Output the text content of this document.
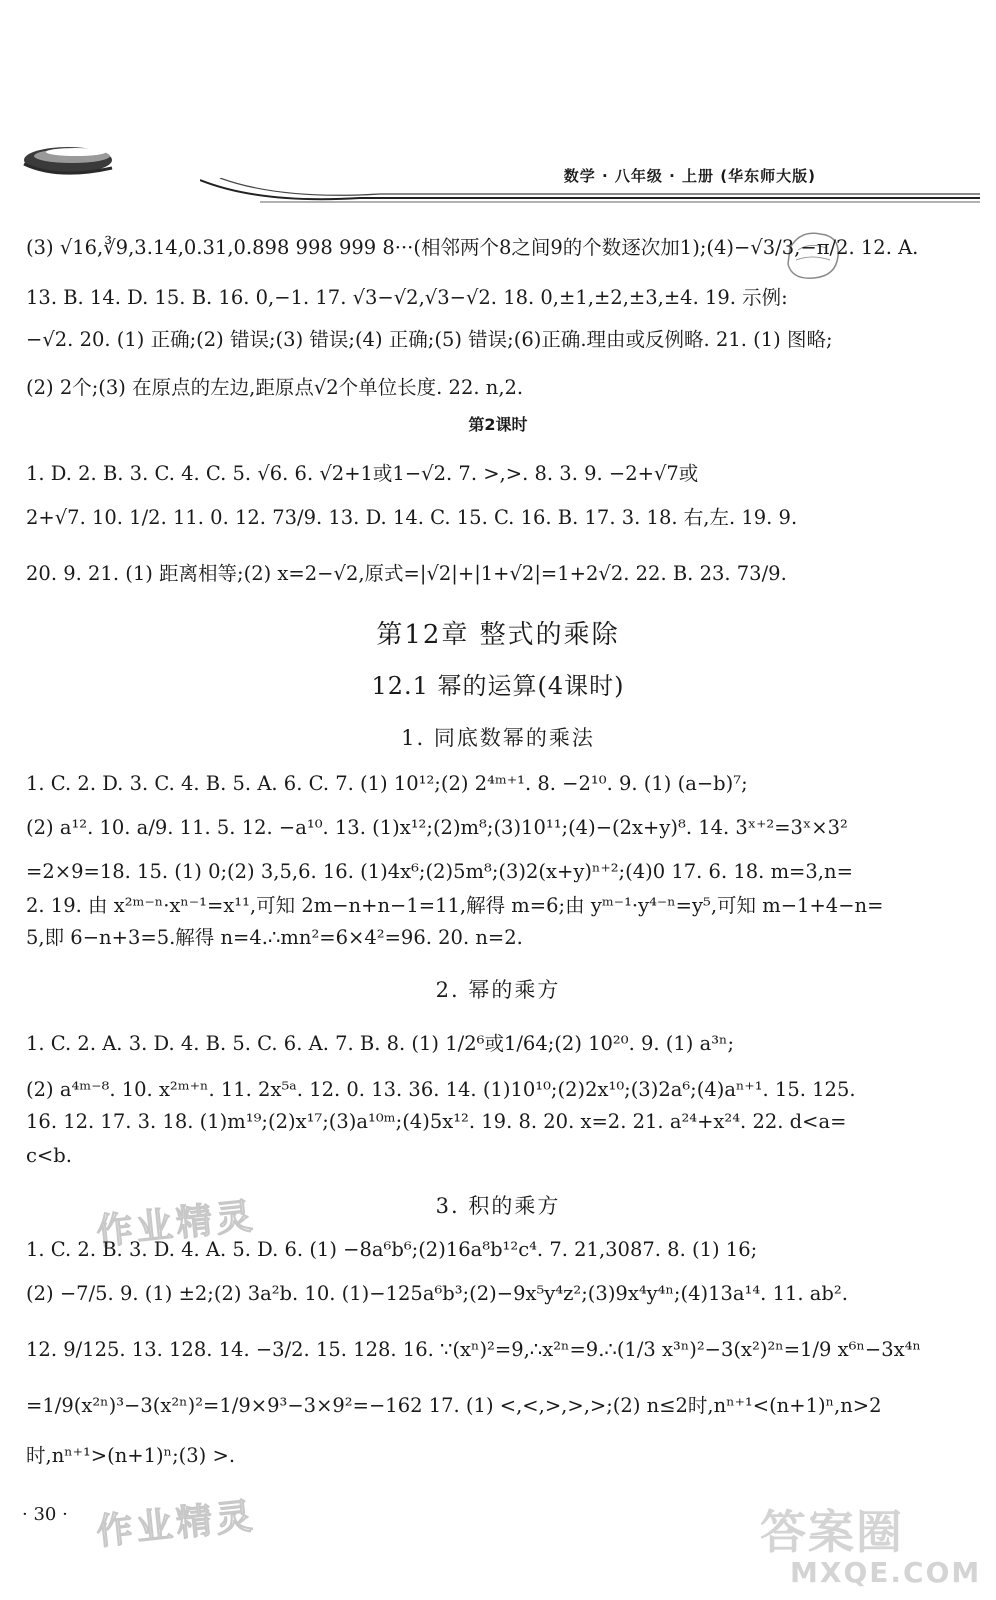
数学 · 八年级 · 上册 (华东师大版)
(3) √16,∛9,3.14,0.31,0.898 998 999 8···(相邻两个8之间9的个数逐次加1);(4)−√3/3,−π/2. 12. A.
13. B. 14. D. 15. B. 16. 0,−1. 17. √3−√2,√3−√2. 18. 0,±1,±2,±3,±4. 19. 示例:
−√2. 20. (1) 正确;(2) 错误;(3) 错误;(4) 正确;(5) 错误;(6)正确.理由或反例略. 21. (1) 图略;
(2) 2个;(3) 在原点的左边,距原点√2个单位长度. 22. n,2.
第2课时
1. D. 2. B. 3. C. 4. C. 5. √6. 6. √2+1或1−√2. 7. >,>. 8. 3. 9. −2+√7或
2+√7. 10. 1/2. 11. 0. 12. 73/9. 13. D. 14. C. 15. C. 16. B. 17. 3. 18. 右,左. 19. 9.
20. 9. 21. (1) 距离相等;(2) x=2−√2,原式=|√2|+|1+√2|=1+2√2. 22. B. 23. 73/9.
第12章 整式的乘除
12.1 幂的运算(4课时)
1. 同底数幂的乘法
1. C. 2. D. 3. C. 4. B. 5. A. 6. C. 7. (1) 10¹²;(2) 2⁴ᵐ⁺¹. 8. −2¹⁰. 9. (1) (a−b)⁷;
(2) a¹². 10. a/9. 11. 5. 12. −a¹⁰. 13. (1)x¹²;(2)m⁸;(3)10¹¹;(4)−(2x+y)⁸. 14. 3ˣ⁺²=3ˣ×3²
=2×9=18. 15. (1) 0;(2) 3,5,6. 16. (1)4x⁶;(2)5m⁸;(3)2(x+y)ⁿ⁺²;(4)0 17. 6. 18. m=3,n=
2. 19. 由 x²ᵐ⁻ⁿ·xⁿ⁻¹=x¹¹,可知 2m−n+n−1=11,解得 m=6;由 yᵐ⁻¹·y⁴⁻ⁿ=y⁵,可知 m−1+4−n=
5,即 6−n+3=5.解得 n=4.∴mn²=6×4²=96. 20. n=2.
2. 幂的乘方
1. C. 2. A. 3. D. 4. B. 5. C. 6. A. 7. B. 8. (1) 1/2⁶或1/64;(2) 10²⁰. 9. (1) a³ⁿ;
(2) a⁴ᵐ⁻⁸. 10. x²ᵐ⁺ⁿ. 11. 2x⁵ᵃ. 12. 0. 13. 36. 14. (1)10¹⁰;(2)2x¹⁰;(3)2a⁶;(4)aⁿ⁺¹. 15. 125.
16. 12. 17. 3. 18. (1)m¹⁹;(2)x¹⁷;(3)a¹⁰ᵐ;(4)5x¹². 19. 8. 20. x=2. 21. a²⁴+x²⁴. 22. d<a=
c<b.
作业精灵	3. 积的乘方
1. C. 2. B. 3. D. 4. A. 5. D. 6. (1) −8a⁶b⁶;(2)16a⁸b¹²c⁴. 7. 21,3087. 8. (1) 16;
(2) −7/5. 9. (1) ±2;(2) 3a²b. 10. (1)−125a⁶b³;(2)−9x⁵y⁴z²;(3)9x⁴y⁴ⁿ;(4)13a¹⁴. 11. ab².
12. 9/125. 13. 128. 14. −3/2. 15. 128. 16. ∵(xⁿ)²=9,∴x²ⁿ=9.∴(1/3 x³ⁿ)²−3(x²)²ⁿ=1/9 x⁶ⁿ−3x⁴ⁿ
=1/9(x²ⁿ)³−3(x²ⁿ)²=1/9×9³−3×9²=−162 17. (1) <,<,>,>,>;(2) n≤2时,nⁿ⁺¹<(n+1)ⁿ,n>2
时,nⁿ⁺¹>(n+1)ⁿ;(3) >.
· 30 · 作业精灵	答案圈
MXQE.COM
